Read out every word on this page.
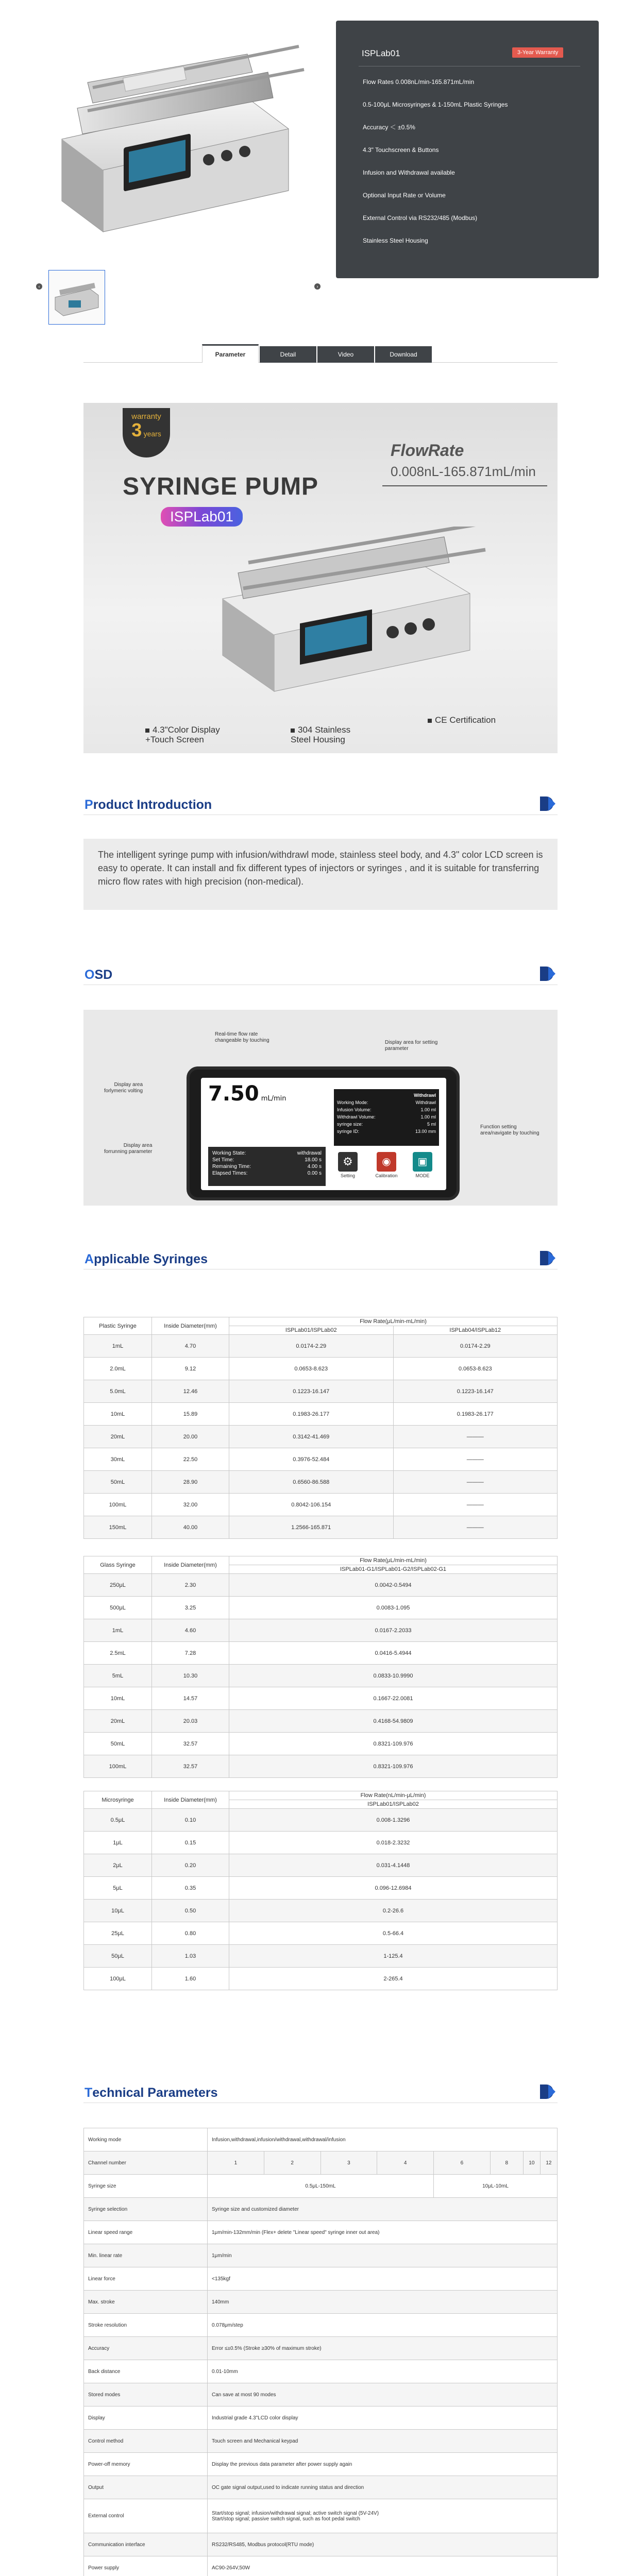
‹	›
ISPLab01	3-Year Warranty
Flow Rates 0.008nL/min-165.871mL/min
0.5-100μL Microsyringes & 1-150mL Plastic Syringes
Accuracy ＜ ±0.5%
4.3" Touchscreen & Buttons
Infusion and Withdrawal available
Optional Input Rate or Volume
External Control via RS232/485 (Modbus)
Stainless Steel Housing
Parameter	Detail	Video	Download
warranty
3 years
SYRINGE PUMP
ISPLab01
FlowRate
0.008nL-165.871mL/min

4.3"Color Display
+Touch Screen

304 Stainless
Steel Housing

CE Certification
Product Introduction
The intelligent syringe pump with infusion/withdrawl mode, stainless steel body, and 4.3" color LCD screen is easy to operate. It can install and fix different types of injectors or syringes , and it is suitable for transferring micro flow rates with high precision (non-medical).
OSD
Real-time flow rate
changeable by touching	Display area for setting
parameter
Display area
forlymeric volting
Display area
forrunning parameter
Function setting
area/navigate by touching
7.50 mL/min	Withdrawl
Working Mode:	Withdrawl
Infusion Volume:	1.00 ml
Withdrawl Volume:	1.00 ml
syringe size:	5 ml
syringe ID:	13.00 mm
Working State:
Set Time:
Remaining Time:
Elapsed Times:
withdrawal
18.00 s
4.00 s
0.00 s
⚙
Setting
◉
Calibration
▣
MODE
Applicable Syringes
Plastic Syringe	Inside Diameter(mm)	Flow Rate(μL/min-mL/min)	
		ISPLab01/ISPLab02	ISPLab04/ISPLab12
1mL	4.70	0.0174-2.29	0.0174-2.29
2.0mL	9.12	0.0653-8.623	0.0653-8.623
5.0mL	12.46	0.1223-16.147	0.1223-16.147
10mL	15.89	0.1983-26.177	0.1983-26.177
20mL	20.00	0.3142-41.469	———
30mL	22.50	0.3976-52.484	———
50mL	28.90	0.6560-86.588	———
100mL	32.00	0.8042-106.154	———
150mL	40.00	1.2566-165.871	———
Glass Syringe	Inside Diameter(mm)	Flow Rate(μL/min-mL/min)
		ISPLab01-G1/ISPLab01-G2/ISPLab02-G1
250μL	2.30	0.0042-0.5494
500μL	3.25	0.0083-1.095
1mL	4.60	0.0167-2.2033
2.5mL	7.28	0.0416-5.4944
5mL	10.30	0.0833-10.9990
10mL	14.57	0.1667-22.0081
20mL	20.03	0.4168-54.9809
50mL	32.57	0.8321-109.976
100mL	32.57	0.8321-109.976
Microsyringe	Inside Diameter(mm)	Flow Rate(nL/min-μL/min)
		ISPLab01/ISPLab02
0.5μL	0.10	0.008-1.3296
1μL	0.15	0.018-2.3232
2μL	0.20	0.031-4.1448
5μL	0.35	0.096-12.6984
10μL	0.50	0.2-26.6
25μL	0.80	0.5-66.4
50μL	1.03	1-125.4
100μL	1.60	2-265.4
Technical Parameters
Working mode	Infusion,withdrawal,infusion/withdrawal,withdrawal/infusion							
Channel number	1	2	3	4	6	8	10	12
Syringe size	0.5μL-150mL				10μL-10mL			
Syringe selection	Syringe size and customized diameter							
Linear speed range	1μm/min-132mm/min (Flex+ delete "Linear speed" syringe inner out area)							
Min. linear rate	1μm/min							
Linear force	<135kgf							
Max. stroke	140mm							
Stroke resolution	0.078μm/step							
Accuracy	Error ≤±0.5% (Stroke ≥30% of maximum stroke)							
Back distance	0.01-10mm							
Stored modes	Can save at most 90 modes							
Display	Industrial grade 4.3"LCD color display							
Control method	Touch screen and Mechanical keypad							
Power-off memory	Display the previous data parameter after power supply again							
Output	OC gate signal output,used to indicate running status and direction							
External control	Start/stop signal; infusion/withdrawal signal; active switch signal (5V-24V)
Start/stop signal; passive switch signal, such as foot pedal switch							
Communication interface	RS232/RS485, Modbus protocol(RTU mode)							
Power supply	AC90-264V,50W							
